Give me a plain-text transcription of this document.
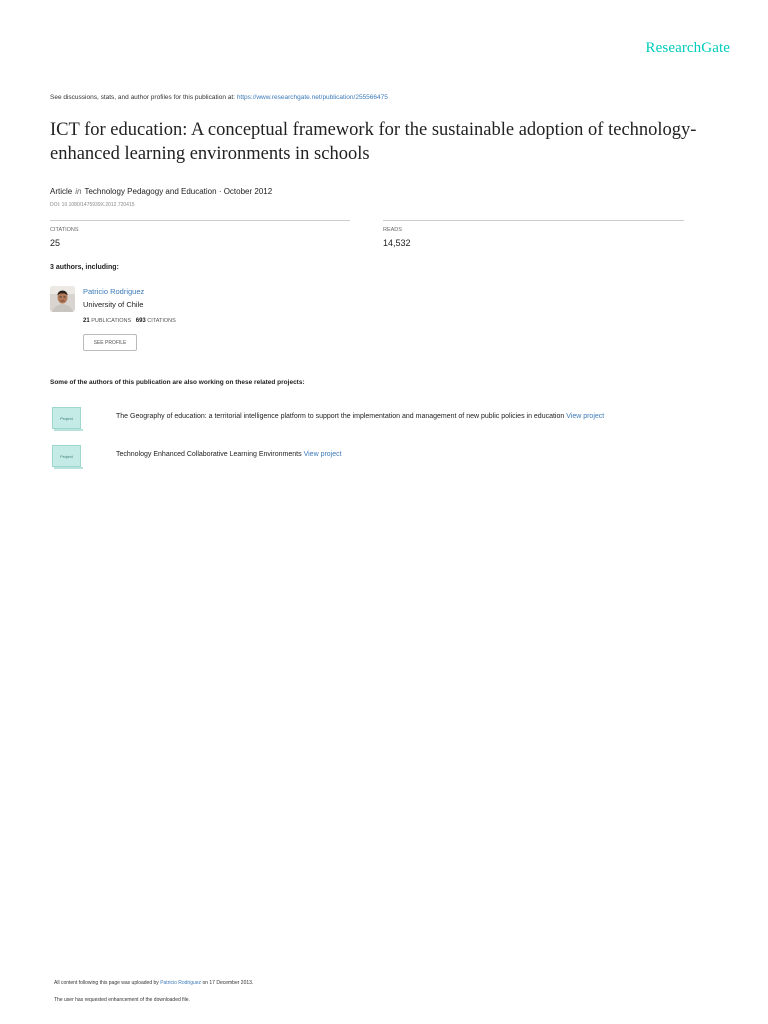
ResearchGate
See discussions, stats, and author profiles for this publication at: https://www.researchgate.net/publication/255566475
ICT for education: A conceptual framework for the sustainable adoption of technology-enhanced learning environments in schools
Article in Technology Pedagogy and Education · October 2012
DOI: 10.1080/1475939X.2012.720415
CITATIONS
25
READS
14,532
3 authors, including:
Patricio Rodriguez
University of Chile
21 PUBLICATIONS 693 CITATIONS
SEE PROFILE
Some of the authors of this publication are also working on these related projects:
Project	The Geography of education: a territorial intelligence platform to support the implementation and management of new public policies in education View project
Project	Technology Enhanced Collaborative Learning Environments View project
All content following this page was uploaded by Patricio Rodriguez on 17 December 2013.
The user has requested enhancement of the downloaded file.
